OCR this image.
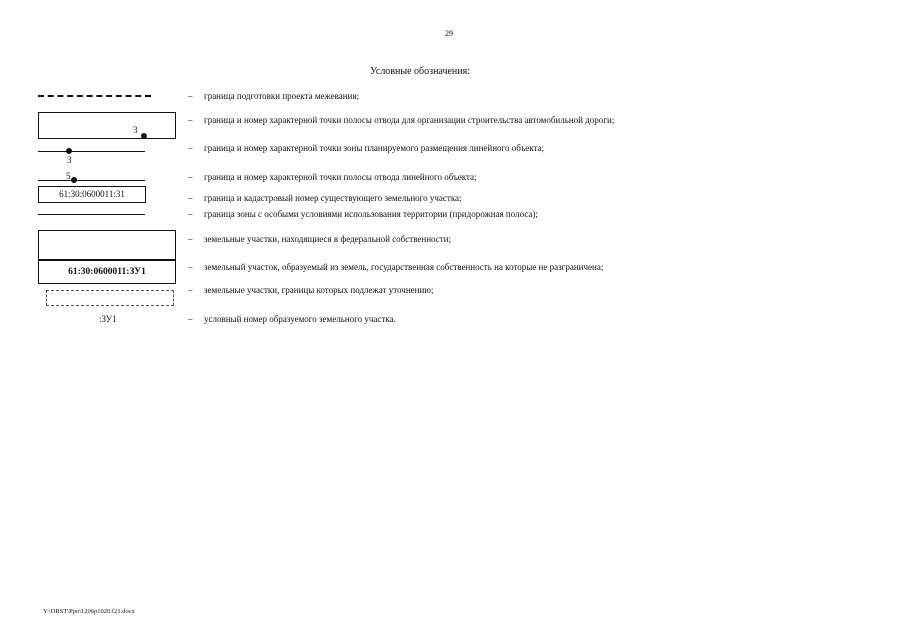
29
Условные обозначения:
3
3
5
61:30:0600011:31
61:30:0600011:ЗУ1
:ЗУ1
– граница подготовки проекта межевания;
– граница и номер характерной точки полосы отвода для организации строительства автомобильной дороги;
– граница и номер характерной точки зоны планируемого размещения линейного объекта;
– граница и номер характерной точки полосы отвода линейного объекта;
– граница и кадастровый номер существующего земельного участка;
– граница зоны с особыми условиями использования территории (придорожная полоса);
– земельные участки, находящиеся в федеральной собственности;
– земельный участок, образуемый из земель, государственная собственность на которые не разграничена;
– земельные участки, границы которых подлежат уточнению;
– условный номер образуемого земельного участка.
Y:\ORST\Ppo\1206p1020.f21.docx
